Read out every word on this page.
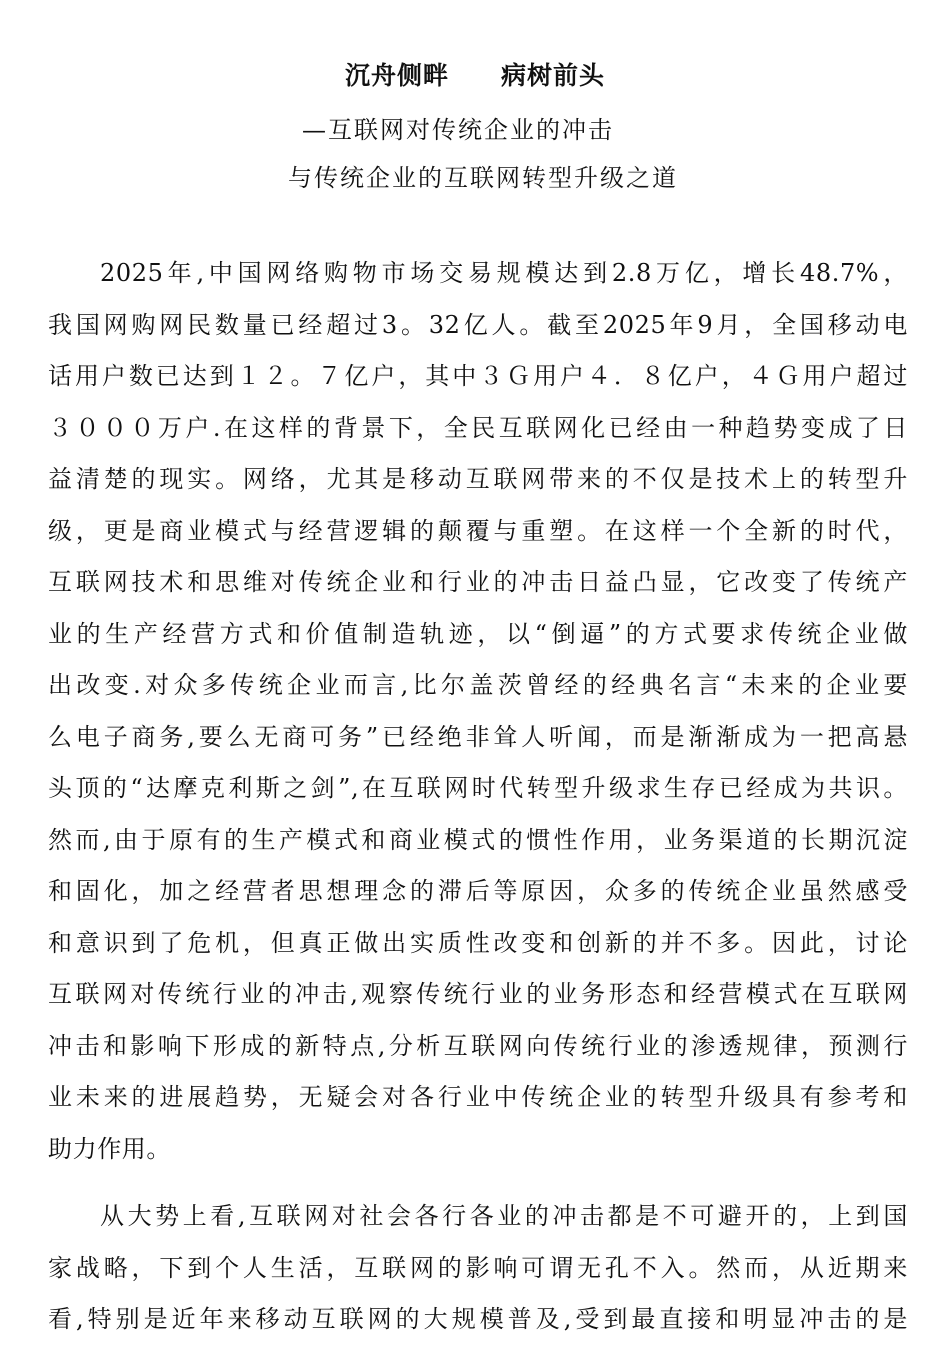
沉舟侧畔　　病树前头
—互联网对传统企业的冲击
与传统企业的互联网转型升级之道
2025年,中国网络购物市场交易规模达到2.8万亿，增长48.7%，
我国网购网民数量已经超过3。32亿人。截至2025年9月，全国移动电
话用户数已达到１２。７亿户，其中３Ｇ用户４．８亿户，４Ｇ用户超过
３０００万户.在这样的背景下，全民互联网化已经由一种趋势变成了日
益清楚的现实。网络，尤其是移动互联网带来的不仅是技术上的转型升
级，更是商业模式与经营逻辑的颠覆与重塑。在这样一个全新的时代，
互联网技术和思维对传统企业和行业的冲击日益凸显，它改变了传统产
业的生产经营方式和价值制造轨迹，以“倒逼”的方式要求传统企业做
出改变.对众多传统企业而言,比尔盖茨曾经的经典名言“未来的企业要
么电子商务,要么无商可务”已经绝非耸人听闻，而是渐渐成为一把高悬
头顶的“达摩克利斯之剑”,在互联网时代转型升级求生存已经成为共识。
然而,由于原有的生产模式和商业模式的惯性作用，业务渠道的长期沉淀
和固化，加之经营者思想理念的滞后等原因，众多的传统企业虽然感受
和意识到了危机，但真正做出实质性改变和创新的并不多。因此，讨论
互联网对传统行业的冲击,观察传统行业的业务形态和经营模式在互联网
冲击和影响下形成的新特点,分析互联网向传统行业的渗透规律，预测行
业未来的进展趋势，无疑会对各行业中传统企业的转型升级具有参考和
助力作用。
从大势上看,互联网对社会各行各业的冲击都是不可避开的，上到国
家战略，下到个人生活，互联网的影响可谓无孔不入。然而，从近期来
看,特别是近年来移动互联网的大规模普及,受到最直接和明显冲击的是
